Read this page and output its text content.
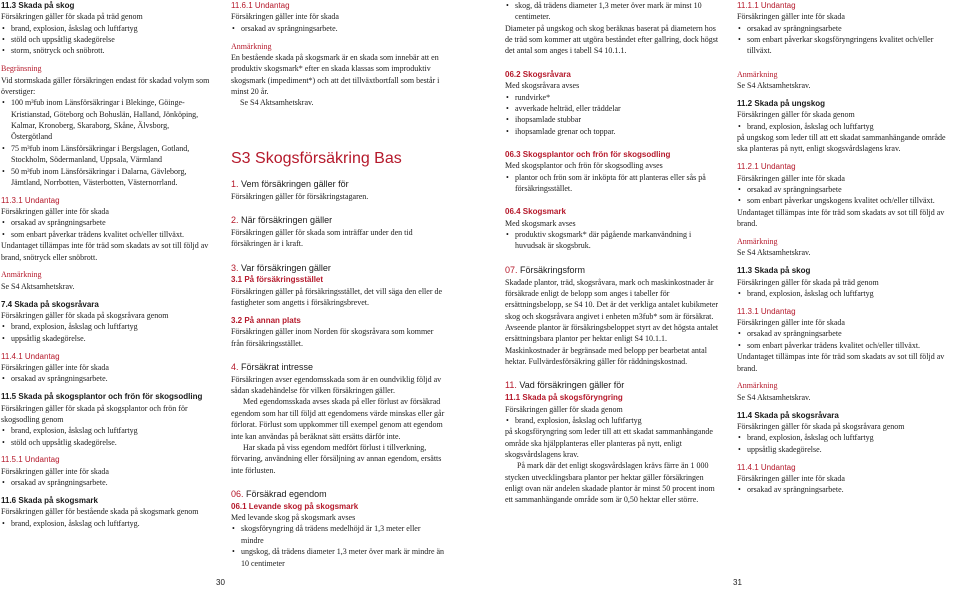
11.3 Skada på skog

Försäkringen gäller för skada på träd genom

• brand, explosion, åskslag och luftfartyg
• stöld och uppsåtlig skadegörelse
• storm, snötryck och snöbrott.

Begränsning

Vid stormskada gäller försäkringen endast för skadad volym som överstiger:

• 100 m³fub inom Länsförsäkringar i Blekinge, Göinge-Kristianstad, Göteborg och Bohuslän, Halland, Jönköping, Kalmar, Kronoberg, Skaraborg, Skåne, Älvsborg, Östergötland
• 75 m³fub inom Länsförsäkringar i Bergslagen, Gotland, Stockholm, Södermanland, Uppsala, Värmland
• 50 m³fub inom Länsförsäkringar i Dalarna, Gävleborg, Jämtland, Norrbotten, Västerbotten, Västernorrland.
11.3.1 Undantag

Försäkringen gäller inte för skada

• orsakad av sprängningsarbete
• som enbart påverkar trädens kvalitet och/eller tillväxt.

Undantaget tillämpas inte för träd som skadats av sot till följd av brand, snötryck eller snöbrott.

Anmärkning

Se S4 Aktsamhetskrav.

7.4 Skada på skogsråvara

Försäkringen gäller för skada på skogsråvara genom

• brand, explosion, åskslag och luftfartyg
• uppsåtlig skadegörelse.
11.4.1 Undantag

Försäkringen gäller inte för skada

• orsakad av sprängningsarbete.
11.5 Skada på skogsplantor och frön för skogsodling

Försäkringen gäller för skada på skogsplantor och frön för skogsodling genom

• brand, explosion, åskslag och luftfartyg
• stöld och uppsåtlig skadegörelse.
11.5.1 Undantag

Försäkringen gäller inte för skada

• orsakad av sprängningsarbete.
11.6 Skada på skogsmark

Försäkringen gäller för bestående skada på skogsmark genom

• brand, explosion, åskslag och luftfartyg.
11.6.1 Undantag

Försäkringen gäller inte för skada

• orsakad av sprängningsarbete.

Anmärkning

En bestående skada på skogsmark är en skada som innebär att en produktiv skogsmark* efter en skada klassas som improduktiv skogsmark (impediment*) och att det tillväxtbortfall som består i minst 20 år.

Se S4 Aktsamhetskrav.

S3 Skogsförsäkring Bas
1. Vem försäkringen gäller för

Försäkringen gäller för försäkringstagaren.

2. När försäkringen gäller

Försäkringen gäller för skada som inträffar under den tid försäkringen är i kraft.

3. Var försäkringen gäller
3.1 På försäkringsstället

Försäkringen gäller på försäkringsstället, det vill säga den eller de fastigheter som angetts i försäkringsbrevet.

3.2 På annan plats

Försäkringen gäller inom Norden för skogsråvara som kommer från försäkringsstället.

4. Försäkrat intresse

Försäkringen avser egendomsskada som är en oundviklig följd av sådan skadehändelse för vilken försäkringen gäller.

Med egendomsskada avses skada på eller förlust av försäkrad egendom som har till följd att egendomens värde minskas eller går förlorat. Förlust som uppkommer till exempel genom att egendom inte kan användas på beräknat sätt ersätts därför inte.

Har skada på viss egendom medfört förlust i tillverkning, förvaring, användning eller försäljning av annan egendom, ersätts inte förlusten.

06. Försäkrad egendom
06.1 Levande skog på skogsmark

Med levande skog på skogsmark avses

• skogsföryngring då trädens medelhöjd är 1,3 meter eller mindre
• ungskog, då trädens diameter 1,3 meter över mark är mindre än 10 centimeter
• skog, då trädens diameter 1,3 meter över mark är minst 10 centimeter.

Diameter på ungskog och skog beräknas baserat på diametern hos de träd som kommer att utgöra beståndet efter gallring, dock högst det antal som anges i tabell S4 10.1.1.

06.2 Skogsråvara

Med skogsråvara avses

• rundvirke*
• avverkade helträd, eller träddelar
• ihopsamlade stubbar
• ihopsamlade grenar och toppar.
06.3 Skogsplantor och frön för skogsodling

Med skogsplantor och frön för skogsodling avses

• plantor och frön som är inköpta för att planteras eller sås på försäkringsstället.
06.4 Skogsmark

Med skogsmark avses

• produktiv skogsmark* där pågående markanvändning i huvudsak är skogsbruk.
07. Försäkringsform

Skadade plantor, träd, skogsråvara, mark och maskinkostnader är försäkrade enligt de belopp som anges i tabeller för ersättningsbelopp, se S4 10. Det är det verkliga antalet kubikmeter skog och skogsråvara angivet i enheten m3fub* som är försäkrat. Avseende plantor är försäkringsbeloppet styrt av det högsta antalet ersättningsbara plantor per hektar enligt S4 10.1.1. Maskinkostnader är begränsade med belopp per bearbetat antal hektar. Fullvärdesförsäkring gäller för räddningskostnad.

11. Vad försäkringen gäller för
11.1 Skada på skogsföryngring

Försäkringen gäller för skada genom

• brand, explosion, åskslag och luftfartyg

på skogsföryngring som leder till att ett skadat sammanhängande område ska hjälpplanteras eller planteras på nytt, enligt skogsvårdslagens krav.

På mark där det enligt skogsvårdslagen krävs färre än 1 000 stycken utvecklingsbara plantor per hektar gäller försäkringen enligt ovan när andelen skadade plantor är minst 50 procent inom ett sammanhängande område som är 0,50 hektar eller större.

11.1.1 Undantag

Försäkringen gäller inte för skada

• orsakad av sprängningsarbete
• som enbart påverkar skogsföryngringens kvalitet och/eller tillväxt.

Anmärkning

Se S4 Aktsamhetskrav.

11.2 Skada på ungskog

Försäkringen gäller för skada genom

• brand, explosion, åskslag och luftfartyg

på ungskog som leder till att ett skadat sammanhängande område ska planteras på nytt, enligt skogsvårdslagens krav.

11.2.1 Undantag

Försäkringen gäller inte för skada

• orsakad av sprängningsarbete
• som enbart påverkar ungskogens kvalitet och/eller tillväxt.

Undantaget tillämpas inte för träd som skadats av sot till följd av brand.

Anmärkning

Se S4 Aktsamhetskrav.

11.3 Skada på skog

Försäkringen gäller för skada på träd genom

• brand, explosion, åskslag och luftfartyg
11.3.1 Undantag

Försäkringen gäller inte för skada

• orsakad av sprängningsarbete
• som enbart påverkar trädens kvalitet och/eller tillväxt.

Undantaget tillämpas inte för träd som skadats av sot till följd av brand.

Anmärkning

Se S4 Aktsamhetskrav.

11.4 Skada på skogsråvara

Försäkringen gäller för skada på skogsråvara genom

• brand, explosion, åskslag och luftfartyg
• uppsåtlig skadegörelse.
11.4.1 Undantag

Försäkringen gäller inte för skada

• orsakad av sprängningsarbete.
30	31
